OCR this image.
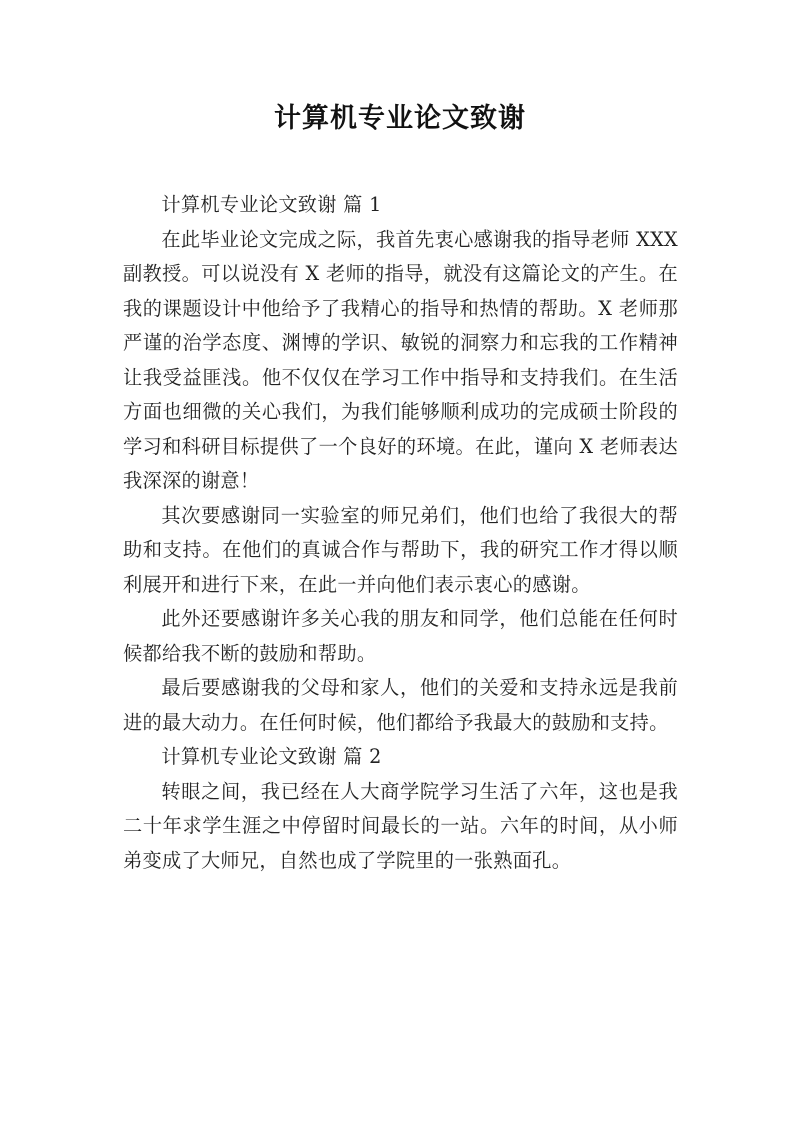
计算机专业论文致谢

计算机专业论文致谢 篇 1

在此毕业论文完成之际，我首先衷心感谢我的指导老师 XXX 副教授。可以说没有 X 老师的指导，就没有这篇论文的产生。在我的课题设计中他给予了我精心的指导和热情的帮助。X 老师那严谨的治学态度、渊博的学识、敏锐的洞察力和忘我的工作精神让我受益匪浅。他不仅仅在学习工作中指导和支持我们。在生活方面也细微的关心我们，为我们能够顺利成功的完成硕士阶段的学习和科研目标提供了一个良好的环境。在此，谨向 X 老师表达我深深的谢意！

其次要感谢同一实验室的师兄弟们，他们也给了我很大的帮助和支持。在他们的真诚合作与帮助下，我的研究工作才得以顺利展开和进行下来，在此一并向他们表示衷心的感谢。

此外还要感谢许多关心我的朋友和同学，他们总能在任何时候都给我不断的鼓励和帮助。

最后要感谢我的父母和家人，他们的关爱和支持永远是我前进的最大动力。在任何时候，他们都给予我最大的鼓励和支持。

计算机专业论文致谢 篇 2

转眼之间，我已经在人大商学院学习生活了六年，这也是我二十年求学生涯之中停留时间最长的一站。六年的时间，从小师弟变成了大师兄，自然也成了学院里的一张熟面孔。
